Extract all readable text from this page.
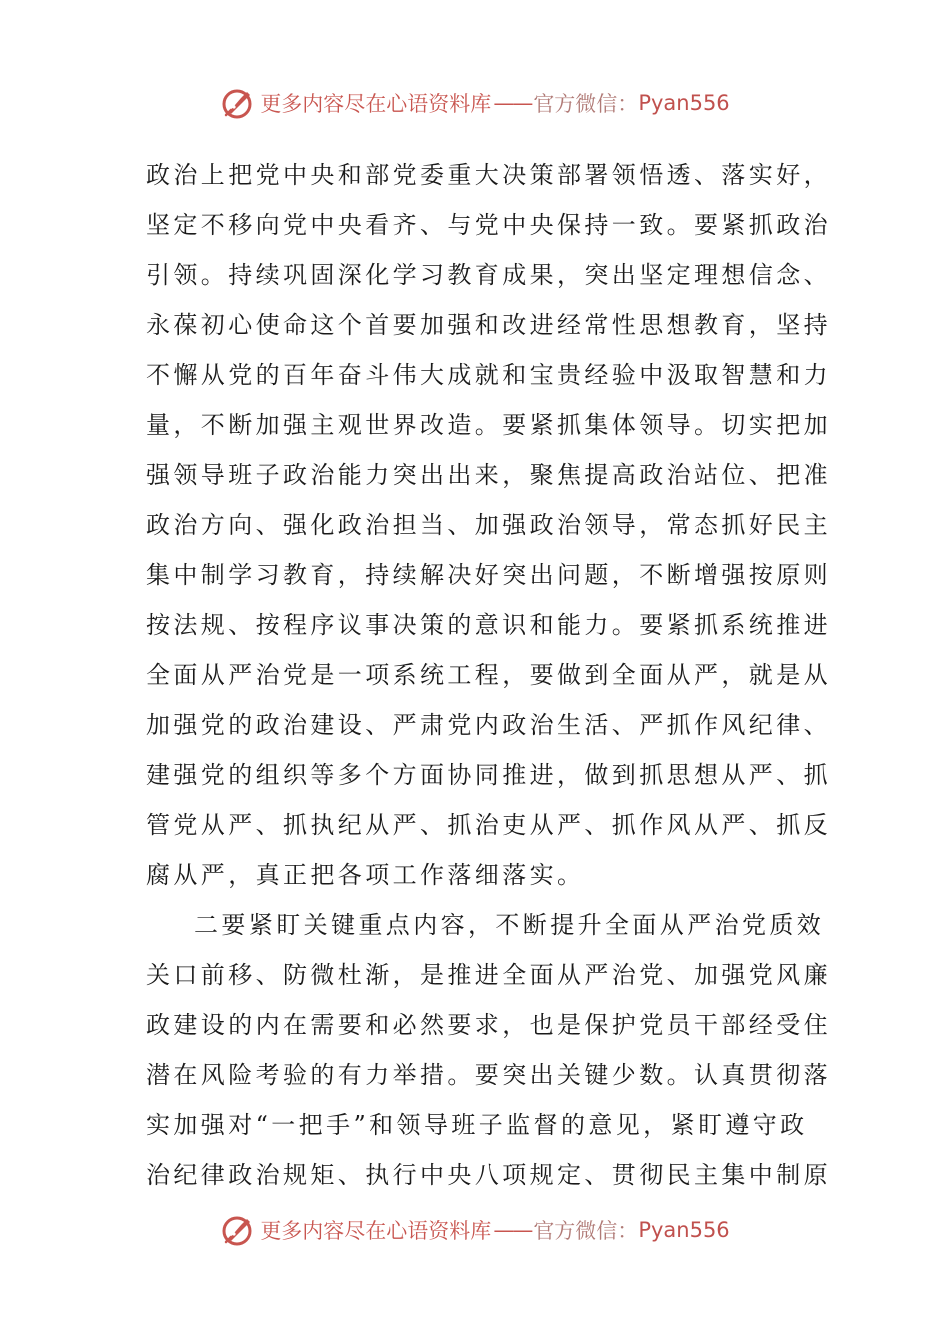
更多内容尽在心语资料库 —— 官方微信： Pyan556
政治上把党中央和部党委重大决策部署领悟透、落实好，
坚定不移向党中央看齐、与党中央保持一致。要紧抓政治
引领。持续巩固深化学习教育成果，突出坚定理想信念、
永葆初心使命这个首要加强和改进经常性思想教育，坚持
不懈从党的百年奋斗伟大成就和宝贵经验中汲取智慧和力
量，不断加强主观世界改造。要紧抓集体领导。切实把加
强领导班子政治能力突出出来，聚焦提高政治站位、把准
政治方向、强化政治担当、加强政治领导，常态抓好民主
集中制学习教育，持续解决好突出问题，不断增强按原则
按法规、按程序议事决策的意识和能力。要紧抓系统推进
全面从严治党是一项系统工程，要做到全面从严，就是从
加强党的政治建设、严肃党内政治生活、严抓作风纪律、
建强党的组织等多个方面协同推进，做到抓思想从严、抓
管党从严、抓执纪从严、抓治吏从严、抓作风从严、抓反
腐从严，真正把各项工作落细落实。
二要紧盯关键重点内容，不断提升全面从严治党质效
关口前移、防微杜渐，是推进全面从严治党、加强党风廉
政建设的内在需要和必然要求，也是保护党员干部经受住
潜在风险考验的有力举措。要突出关键少数。认真贯彻落
实加强对“一把手”和领导班子监督的意见，紧盯遵守政
治纪律政治规矩、执行中央八项规定、贯彻民主集中制原
更多内容尽在心语资料库 —— 官方微信： Pyan556
